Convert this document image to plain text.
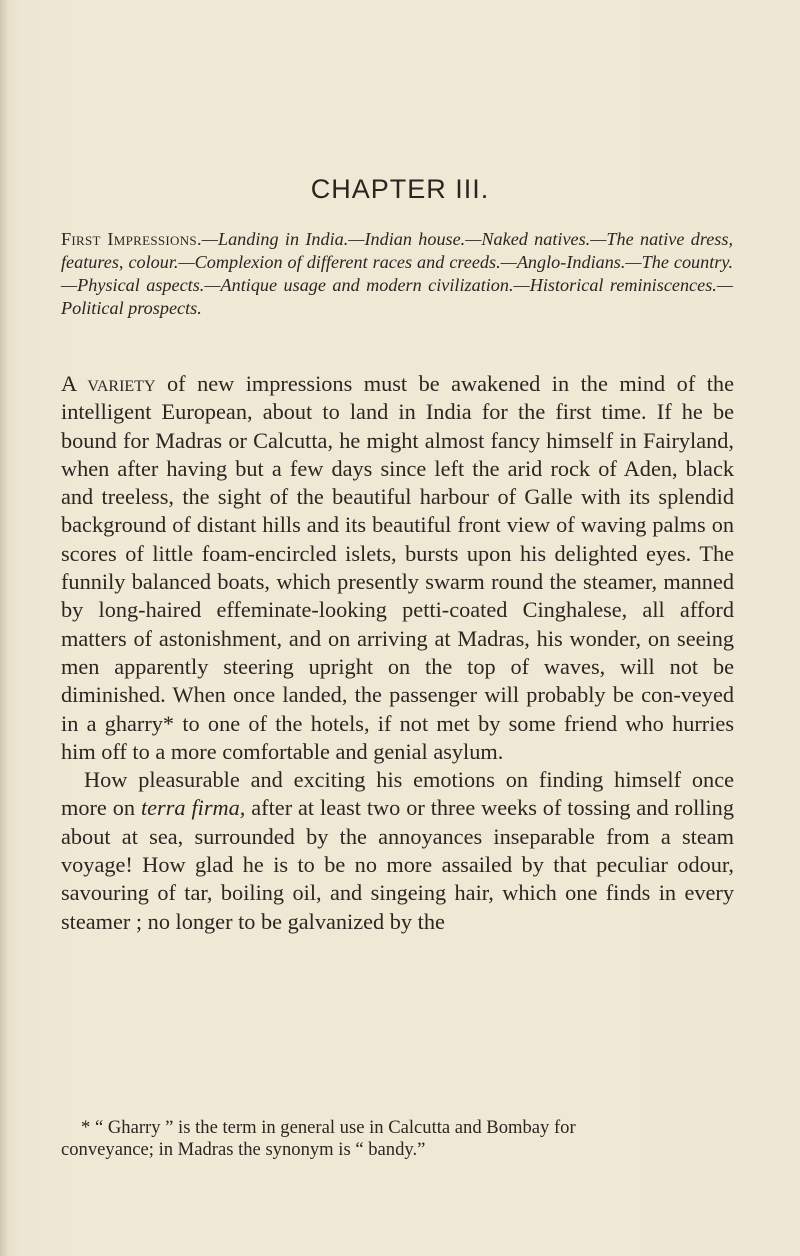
CHAPTER III.
First Impressions.—Landing in India.—Indian house.—Naked natives.—The native dress, features, colour.—Complexion of different races and creeds.—Anglo-Indians.—The country.—Physical aspects.—Antique usage and modern civilization.—Historical reminiscences.—Political prospects.

A variety of new impressions must be awakened in the mind of the intelligent European, about to land in India for the first time. If he be bound for Madras or Calcutta, he might almost fancy himself in Fairyland, when after having but a few days since left the arid rock of Aden, black and treeless, the sight of the beautiful harbour of Galle with its splendid background of distant hills and its beautiful front view of waving palms on scores of little foam-encircled islets, bursts upon his delighted eyes. The funnily balanced boats, which presently swarm round the steamer, manned by long-haired effeminate-looking petti-coated Cinghalese, all afford matters of astonishment, and on arriving at Madras, his wonder, on seeing men apparently steering upright on the top of waves, will not be diminished. When once landed, the passenger will probably be con-veyed in a gharry* to one of the hotels, if not met by some friend who hurries him off to a more comfortable and genial asylum.

How pleasurable and exciting his emotions on finding himself once more on terra firma, after at least two or three weeks of tossing and rolling about at sea, surrounded by the annoyances inseparable from a steam voyage! How glad he is to be no more assailed by that peculiar odour, savouring of tar, boiling oil, and singeing hair, which one finds in every steamer ; no longer to be galvanized by the

* “ Gharry ” is the term in general use in Calcutta and Bombay for
conveyance; in Madras the synonym is “ bandy.”
